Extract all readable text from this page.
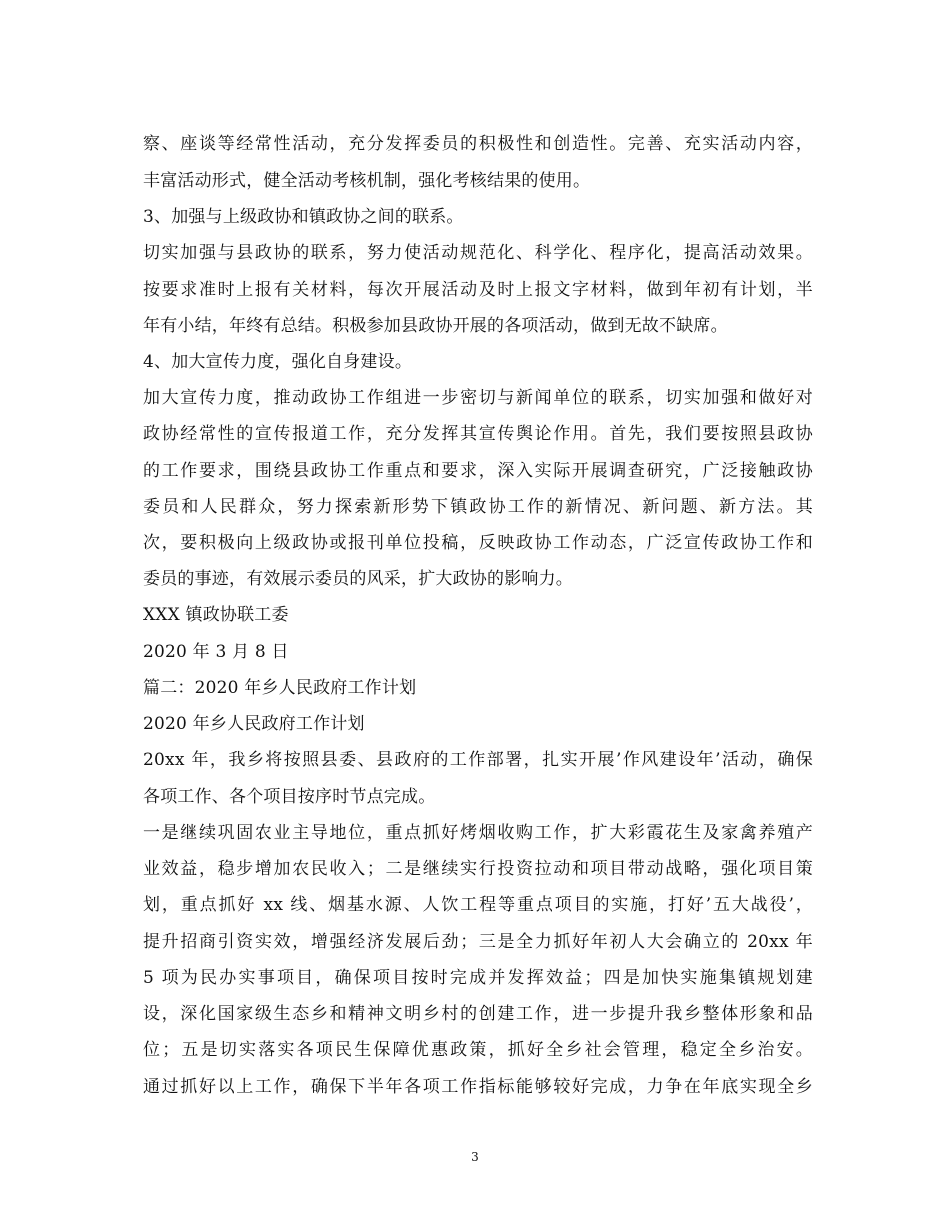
察、座谈等经常性活动，充分发挥委员的积极性和创造性。完善、充实活动内容，
丰富活动形式，健全活动考核机制，强化考核结果的使用。
3、加强与上级政协和镇政协之间的联系。
切实加强与县政协的联系，努力使活动规范化、科学化、程序化，提高活动效果。
按要求准时上报有关材料，每次开展活动及时上报文字材料，做到年初有计划，半
年有小结，年终有总结。积极参加县政协开展的各项活动，做到无故不缺席。
4、加大宣传力度，强化自身建设。
加大宣传力度，推动政协工作组进一步密切与新闻单位的联系，切实加强和做好对
政协经常性的宣传报道工作，充分发挥其宣传舆论作用。首先，我们要按照县政协
的工作要求，围绕县政协工作重点和要求，深入实际开展调查研究，广泛接触政协
委员和人民群众，努力探索新形势下镇政协工作的新情况、新问题、新方法。其
次，要积极向上级政协或报刊单位投稿，反映政协工作动态，广泛宣传政协工作和
委员的事迹，有效展示委员的风采，扩大政协的影响力。
XXX 镇政协联工委
2020 年 3 月 8 日
篇二：2020 年乡人民政府工作计划
2020 年乡人民政府工作计划
20xx 年，我乡将按照县委、县政府的工作部署，扎实开展’作风建设年’活动，确保
各项工作、各个项目按序时节点完成。
一是继续巩固农业主导地位，重点抓好烤烟收购工作，扩大彩霞花生及家禽养殖产
业效益，稳步增加农民收入；二是继续实行投资拉动和项目带动战略，强化项目策
划，重点抓好 xx 线、烟基水源、人饮工程等重点项目的实施，打好’五大战役’，
提升招商引资实效，增强经济发展后劲；三是全力抓好年初人大会确立的 20xx 年
5 项为民办实事项目，确保项目按时完成并发挥效益；四是加快实施集镇规划建
设，深化国家级生态乡和精神文明乡村的创建工作，进一步提升我乡整体形象和品
位；五是切实落实各项民生保障优惠政策，抓好全乡社会管理，稳定全乡治安。
通过抓好以上工作，确保下半年各项工作指标能够较好完成，力争在年底实现全乡
3
